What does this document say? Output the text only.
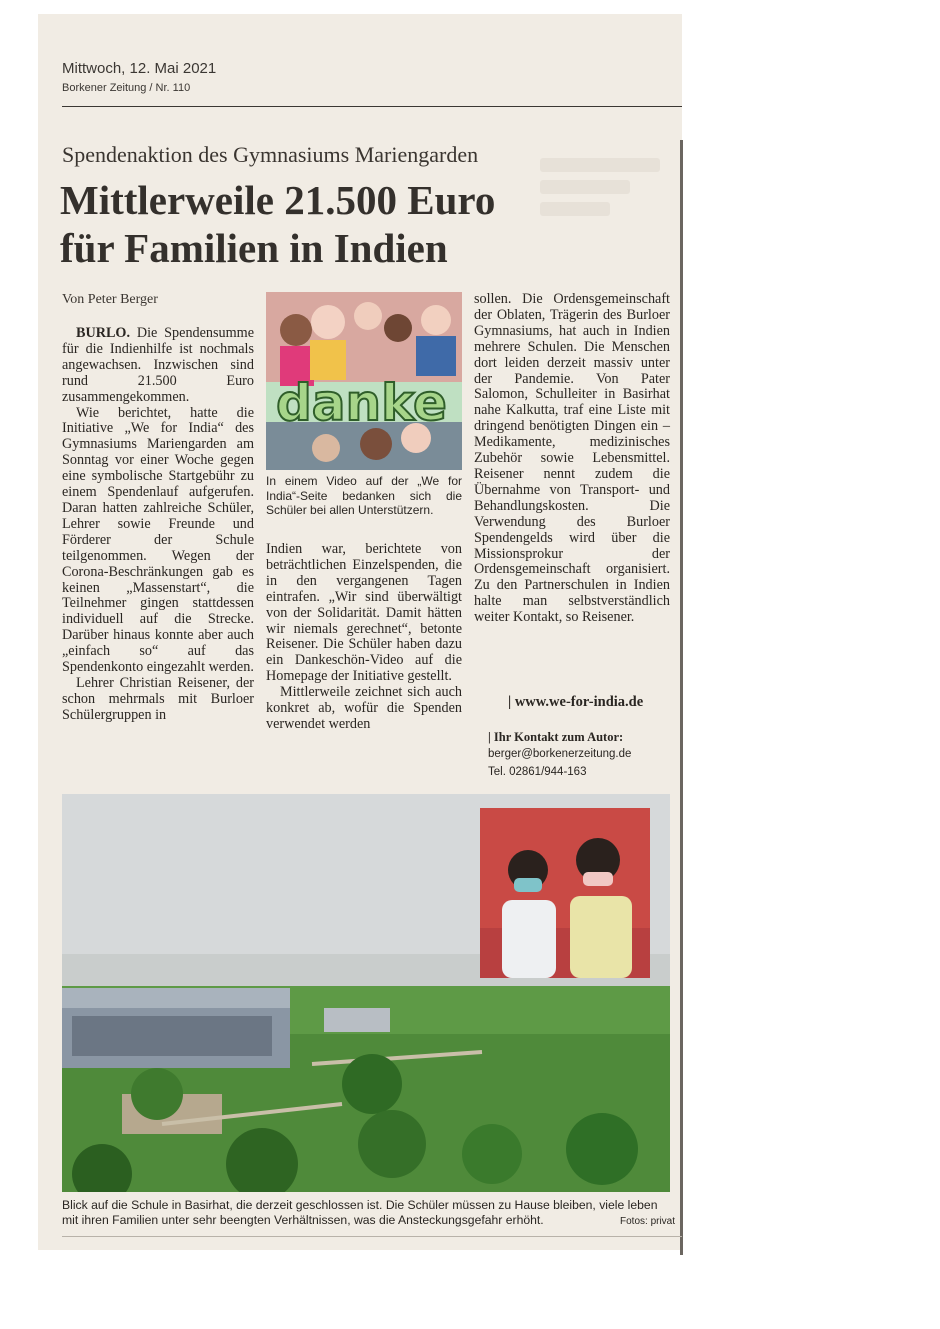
Mittwoch, 12. Mai 2021
Borkener Zeitung / Nr. 110
Spendenaktion des Gymnasiums Mariengarden
Mittlerweile 21.500 Euro
für Familien in Indien
Von Peter Berger

BURLO. Die Spendensumme für die Indienhilfe ist nochmals angewachsen. Inzwischen sind rund 21.500 Euro zusammengekommen.

Wie berichtet, hatte die Initiative „We for India“ des Gymnasiums Mariengarden am Sonntag vor einer Woche gegen eine symbolische Startgebühr zu einem Spendenlauf aufgerufen. Daran hatten zahlreiche Schüler, Lehrer sowie Freunde und Förderer der Schule teilgenommen. Wegen der Corona-Beschränkungen gab es keinen „Massenstart“, die Teilnehmer gingen stattdessen individuell auf die Strecke. Darüber hinaus konnte aber auch „einfach so“ auf das Spendenkonto eingezahlt werden.

Lehrer Christian Reisener, der schon mehrmals mit Burloer Schülergruppen in

danke
In einem Video auf der „We for India“-Seite bedanken sich die Schüler bei allen Unterstützern.

Indien war, berichtete von beträchtlichen Einzelspenden, die in den vergangenen Tagen eintrafen. „Wir sind überwältigt von der Solidarität. Damit hätten wir niemals gerechnet“, betonte Reisener. Die Schüler haben dazu ein Dankeschön-Video auf die Homepage der Initiative gestellt.

Mittlerweile zeichnet sich auch konkret ab, wofür die Spenden verwendet werden

sollen. Die Ordensgemeinschaft der Oblaten, Trägerin des Burloer Gymnasiums, hat auch in Indien mehrere Schulen. Die Menschen dort leiden derzeit massiv unter der Pandemie. Von Pater Salomon, Schulleiter in Basirhat nahe Kalkutta, traf eine Liste mit dringend benötigten Dingen ein – Medikamente, medizinisches Zubehör sowie Lebensmittel. Reisener nennt zudem die Übernahme von Transport- und Behandlungskosten. Die Verwendung des Burloer Spendengelds wird über die Missionsprokur der Ordensgemeinschaft organisiert. Zu den Partnerschulen in Indien halte man selbstverständlich weiter Kontakt, so Reisener.

| www.we-for-india.de
| Ihr Kontakt zum Autor:
berger@borkenerzeitung.de
Tel. 02861/944-163
Blick auf die Schule in Basirhat, die derzeit geschlossen ist. Die Schüler müssen zu Hause bleiben, viele leben mit ihren Familien unter sehr beengten Verhältnissen, was die Ansteckungsgefahr erhöht.	Fotos: privat
